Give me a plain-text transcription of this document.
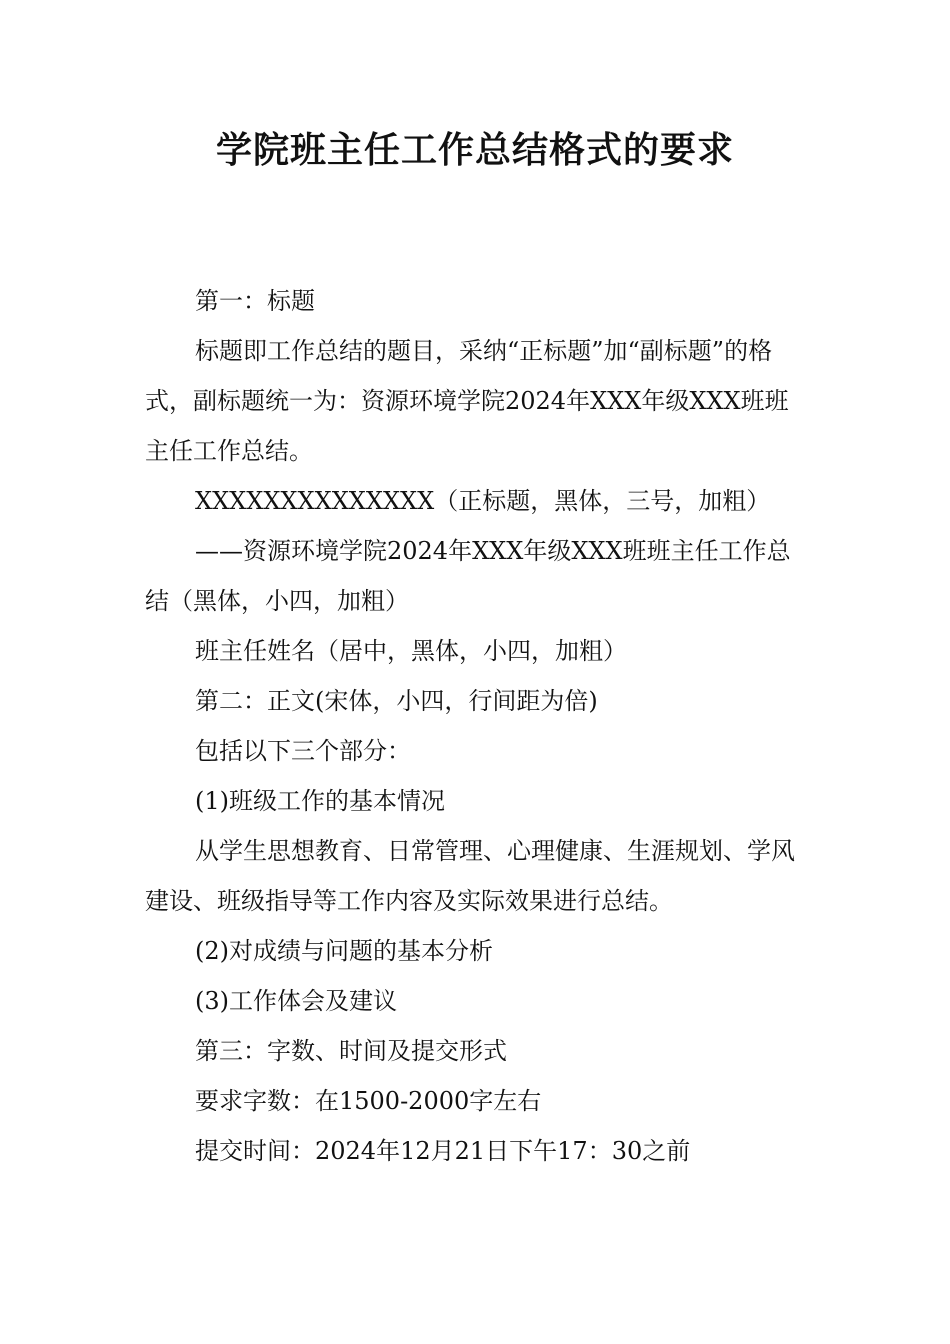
学院班主任工作总结格式的要求

第一：标题

标题即工作总结的题目，采纳“正标题”加“副标题”的格式，副标题统一为：资源环境学院2024年XXX年级XXX班班主任工作总结。

XXXXXXXXXXXXXX（正标题，黑体，三号，加粗）

——资源环境学院2024年XXX年级XXX班班主任工作总结（黑体，小四，加粗）

班主任姓名（居中，黑体，小四，加粗）

第二：正文(宋体，小四，行间距为倍)

包括以下三个部分：

(1)班级工作的基本情况

从学生思想教育、日常管理、心理健康、生涯规划、学风建设、班级指导等工作内容及实际效果进行总结。

(2)对成绩与问题的基本分析

(3)工作体会及建议

第三：字数、时间及提交形式

要求字数：在1500-2000字左右

提交时间：2024年12月21日下午17：30之前
